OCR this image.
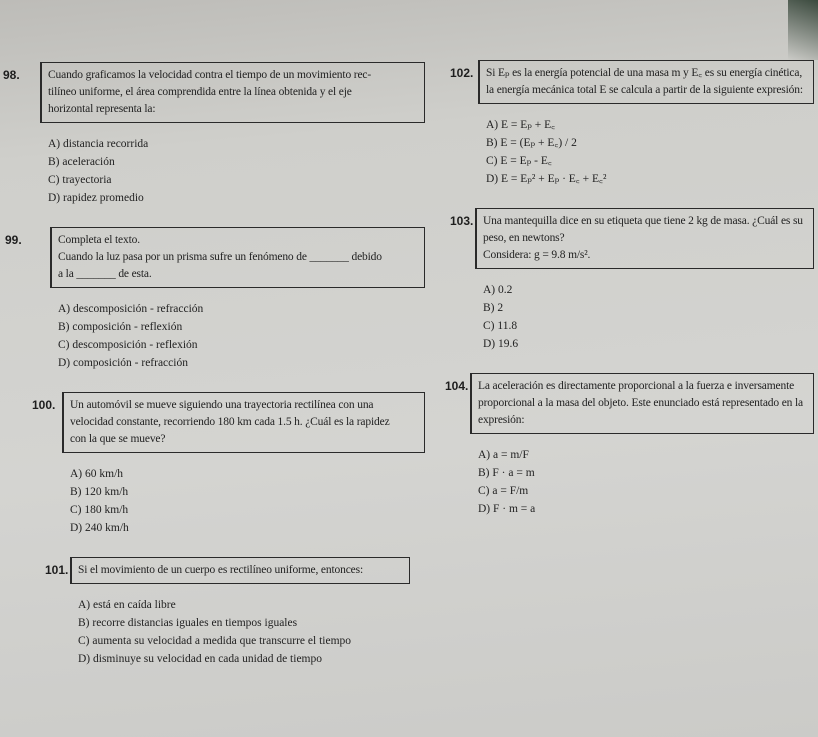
98. Cuando graficamos la velocidad contra el tiempo de un movimiento rec-
tilíneo uniforme, el área comprendida entre la línea obtenida y el eje
horizontal representa la:
A) distancia recorrida
B) aceleración
C) trayectoria
D) rapidez promedio
99.	Completa el texto.
Cuando la luz pasa por un prisma sufre un fenómeno de _______ debido
a la _______ de esta.
A) descomposición - refracción
B) composición - reflexión
C) descomposición - reflexión
D) composición - refracción
100. Un automóvil se mueve siguiendo una trayectoria rectilínea con una
velocidad constante, recorriendo 180 km cada 1.5 h. ¿Cuál es la rapidez
con la que se mueve?
A) 60 km/h
B) 120 km/h
C) 180 km/h
D) 240 km/h
101. Si el movimiento de un cuerpo es rectilíneo uniforme, entonces:
A) está en caída libre
B) recorre distancias iguales en tiempos iguales
C) aumenta su velocidad a medida que transcurre el tiempo
D) disminuye su velocidad en cada unidad de tiempo
102. Si Eₚ es la energía potencial de una masa m y E꜀ es su energía cinética,
la energía mecánica total E se calcula a partir de la siguiente expresión:
A) E = Eₚ + E꜀
B) E = (Eₚ + E꜀) / 2
C) E = Eₚ - E꜀
D) E = Eₚ² + Eₚ · E꜀ + E꜀²
103. Una mantequilla dice en su etiqueta que tiene 2 kg de masa. ¿Cuál es su
peso, en newtons?
Considera: g = 9.8 m/s².
A) 0.2
B) 2
C) 11.8
D) 19.6
104. La aceleración es directamente proporcional a la fuerza e inversamente
proporcional a la masa del objeto. Este enunciado está representado en la
expresión:
A) a = m/F
B) F · a = m
C) a = F/m
D) F · m = a
